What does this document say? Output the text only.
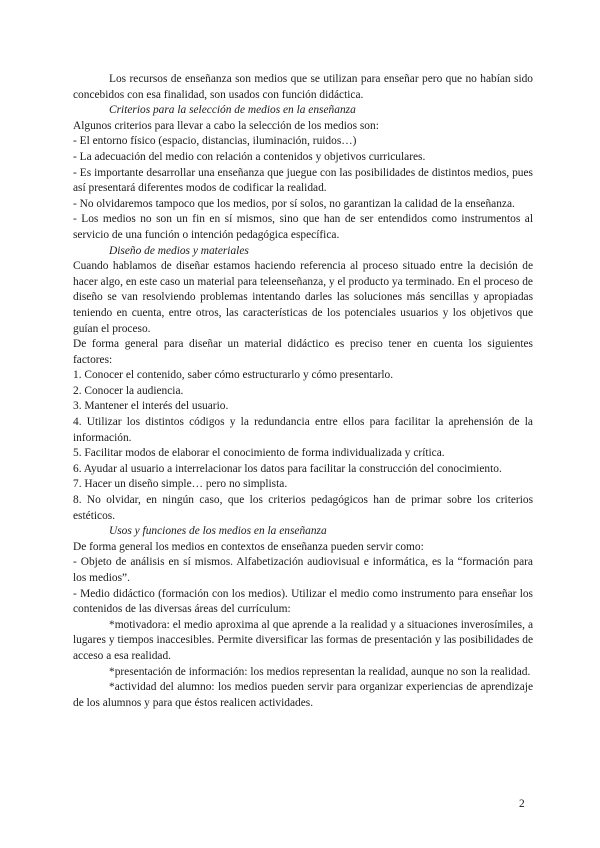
Los recursos de enseñanza son medios que se utilizan para enseñar pero que no habían sido concebidos con esa finalidad, son usados con función didáctica.

Criterios para la selección de medios en la enseñanza

Algunos criterios para llevar a cabo la selección de los medios son:

- El entorno físico (espacio, distancias, iluminación, ruidos…)

- La adecuación del medio con relación a contenidos y objetivos curriculares.

- Es importante desarrollar una enseñanza que juegue con las posibilidades de distintos medios, pues así presentará diferentes modos de codificar la realidad.

- No olvidaremos tampoco que los medios, por sí solos, no garantizan la calidad de la enseñanza.

- Los medios no son un fin en sí mismos, sino que han de ser entendidos como instrumentos al servicio de una función o intención pedagógica específica.

Diseño de medios y materiales

Cuando hablamos de diseñar estamos haciendo referencia al proceso situado entre la decisión de hacer algo, en este caso un material para teleenseñanza, y el producto ya terminado. En el proceso de diseño se van resolviendo problemas intentando darles las soluciones más sencillas y apropiadas teniendo en cuenta, entre otros, las características de los potenciales usuarios y los objetivos que guían el proceso.

De forma general para diseñar un material didáctico es preciso tener en cuenta los siguientes factores:

1. Conocer el contenido, saber cómo estructurarlo y cómo presentarlo.

2. Conocer la audiencia.

3. Mantener el interés del usuario.

4. Utilizar los distintos códigos y la redundancia entre ellos para facilitar la aprehensión de la información.

5. Facilitar modos de elaborar el conocimiento de forma individualizada y crítica.

6. Ayudar al usuario a interrelacionar los datos para facilitar la construcción del conocimiento.

7. Hacer un diseño simple… pero no simplista.

8. No olvidar, en ningún caso, que los criterios pedagógicos han de primar sobre los criterios estéticos.

Usos y funciones de los medios en la enseñanza

De forma general los medios en contextos de enseñanza pueden servir como:

- Objeto de análisis en sí mismos. Alfabetización audiovisual e informática, es la “formación para los medios”.

- Medio didáctico (formación con los medios). Utilizar el medio como instrumento para enseñar los contenidos de las diversas áreas del currículum:

*motivadora: el medio aproxima al que aprende a la realidad y a situaciones inverosímiles, a lugares y tiempos inaccesibles. Permite diversificar las formas de presentación y las posibilidades de acceso a esa realidad.

*presentación de información: los medios representan la realidad, aunque no son la realidad.

*actividad del alumno: los medios pueden servir para organizar experiencias de aprendizaje de los alumnos y para que éstos realicen actividades.

2
